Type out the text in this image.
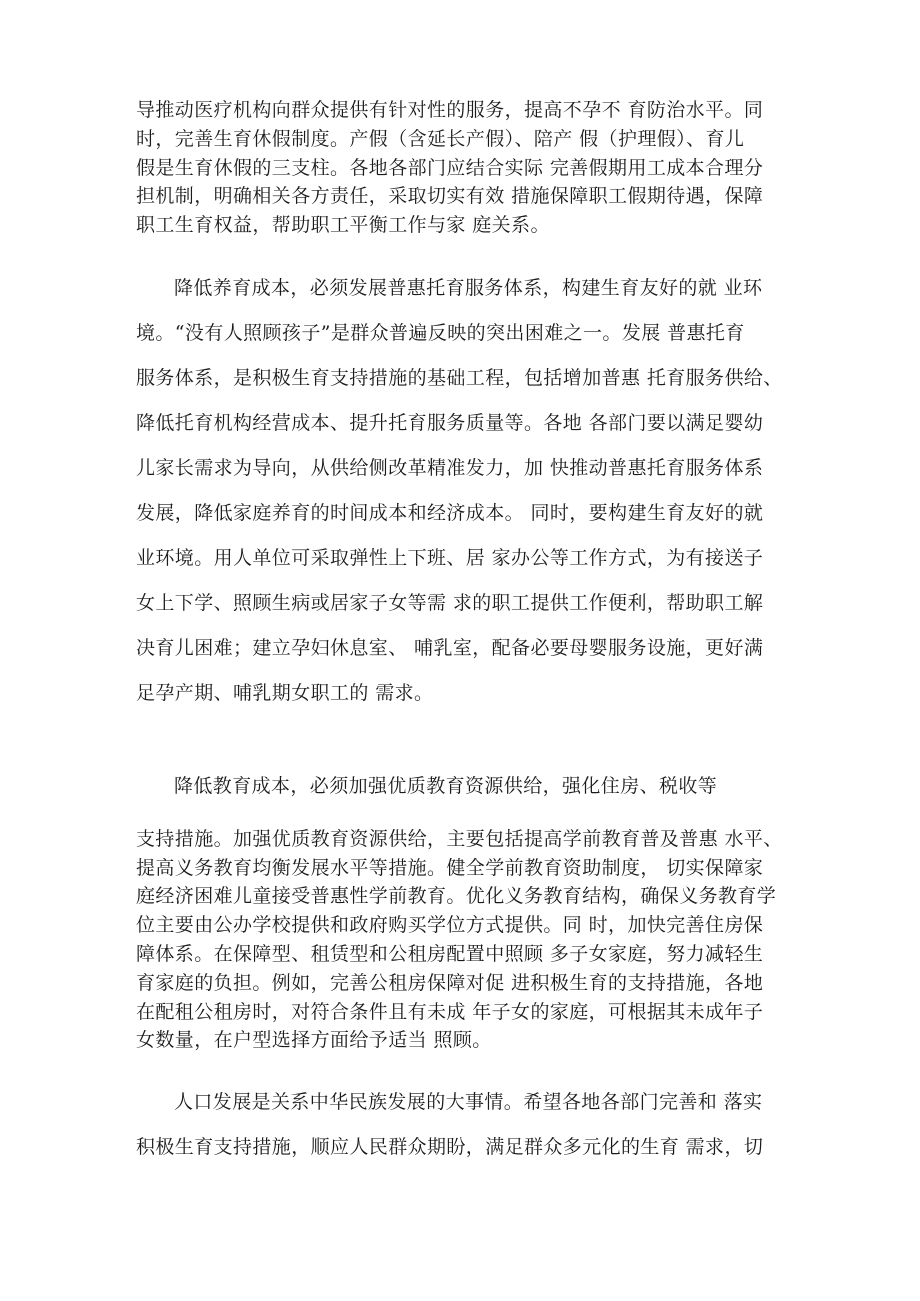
导推动医疗机构向群众提供有针对性的服务，提高不孕不 育防治水平。同
时，完善生育休假制度。产假（含延长产假）、陪产 假（护理假）、育儿
假是生育休假的三支柱。各地各部门应结合实际 完善假期用工成本合理分
担机制，明确相关各方责任，采取切实有效 措施保障职工假期待遇，保障
职工生育权益，帮助职工平衡工作与家 庭关系。
降低养育成本，必须发展普惠托育服务体系，构建生育友好的就 业环
境。“没有人照顾孩子”是群众普遍反映的突出困难之一。发展 普惠托育
服务体系，是积极生育支持措施的基础工程，包括增加普惠 托育服务供给、
降低托育机构经营成本、提升托育服务质量等。各地 各部门要以满足婴幼
儿家长需求为导向，从供给侧改革精准发力，加 快推动普惠托育服务体系
发展，降低家庭养育的时间成本和经济成本。 同时，要构建生育友好的就
业环境。用人单位可采取弹性上下班、居 家办公等工作方式，为有接送子
女上下学、照顾生病或居家子女等需 求的职工提供工作便利，帮助职工解
决育儿困难；建立孕妇休息室、 哺乳室，配备必要母婴服务设施，更好满
足孕产期、哺乳期女职工的 需求。
降低教育成本，必须加强优质教育资源供给，强化住房、税收等
支持措施。加强优质教育资源供给，主要包括提高学前教育普及普惠 水平、
提高义务教育均衡发展水平等措施。健全学前教育资助制度， 切实保障家
庭经济困难儿童接受普惠性学前教育。优化义务教育结构，确保义务教育学
位主要由公办学校提供和政府购买学位方式提供。同 时，加快完善住房保
障体系。在保障型、租赁型和公租房配置中照顾 多子女家庭，努力减轻生
育家庭的负担。例如，完善公租房保障对促 进积极生育的支持措施，各地
在配租公租房时，对符合条件且有未成 年子女的家庭，可根据其未成年子
女数量，在户型选择方面给予适当 照顾。
人口发展是关系中华民族发展的大事情。希望各地各部门完善和 落实
积极生育支持措施，顺应人民群众期盼，满足群众多元化的生育 需求，切
